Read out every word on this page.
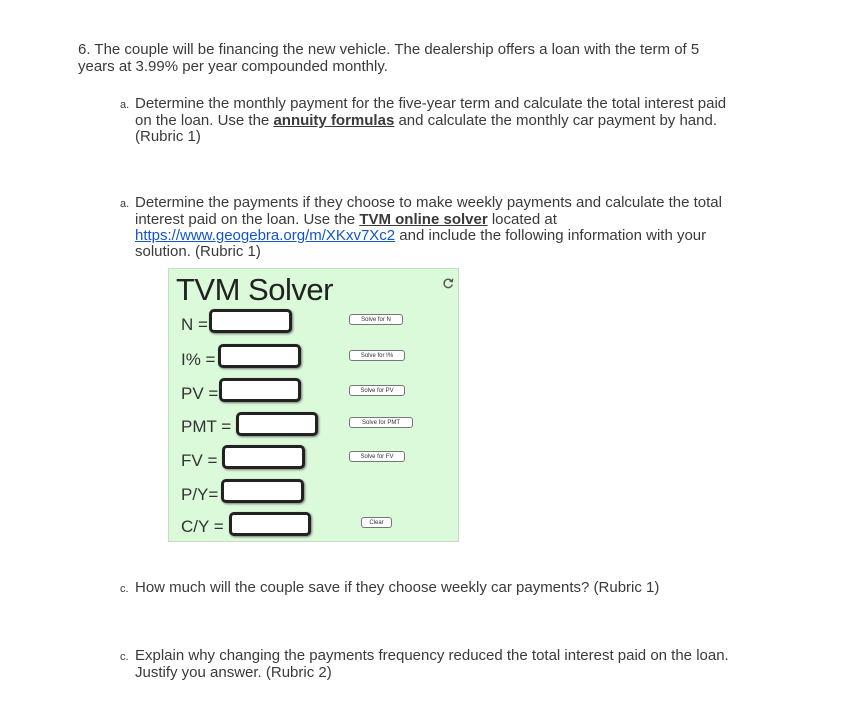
6. The couple will be financing the new vehicle. The dealership offers a loan with the term of 5
years at 3.99% per year compounded monthly.
a. Determine the monthly payment for the five-year term and calculate the total interest paid
on the loan. Use the annuity formulas and calculate the monthly car payment by hand.
(Rubric 1)
a. Determine the payments if they choose to make weekly payments and calculate the total
interest paid on the loan. Use the TVM online solver located at
https://www.geogebra.org/m/XKxv7Xc2 and include the following information with your
solution. (Rubric 1)
TVM Solver
N =	Solve for N
I% =	Solve for I%
PV =	Solve for PV
PMT =	Solve for PMT
FV =	Solve for FV
P/Y=
C/Y =	Clear
c. How much will the couple save if they choose weekly car payments? (Rubric 1)
c. Explain why changing the payments frequency reduced the total interest paid on the loan.
Justify you answer. (Rubric 2)
